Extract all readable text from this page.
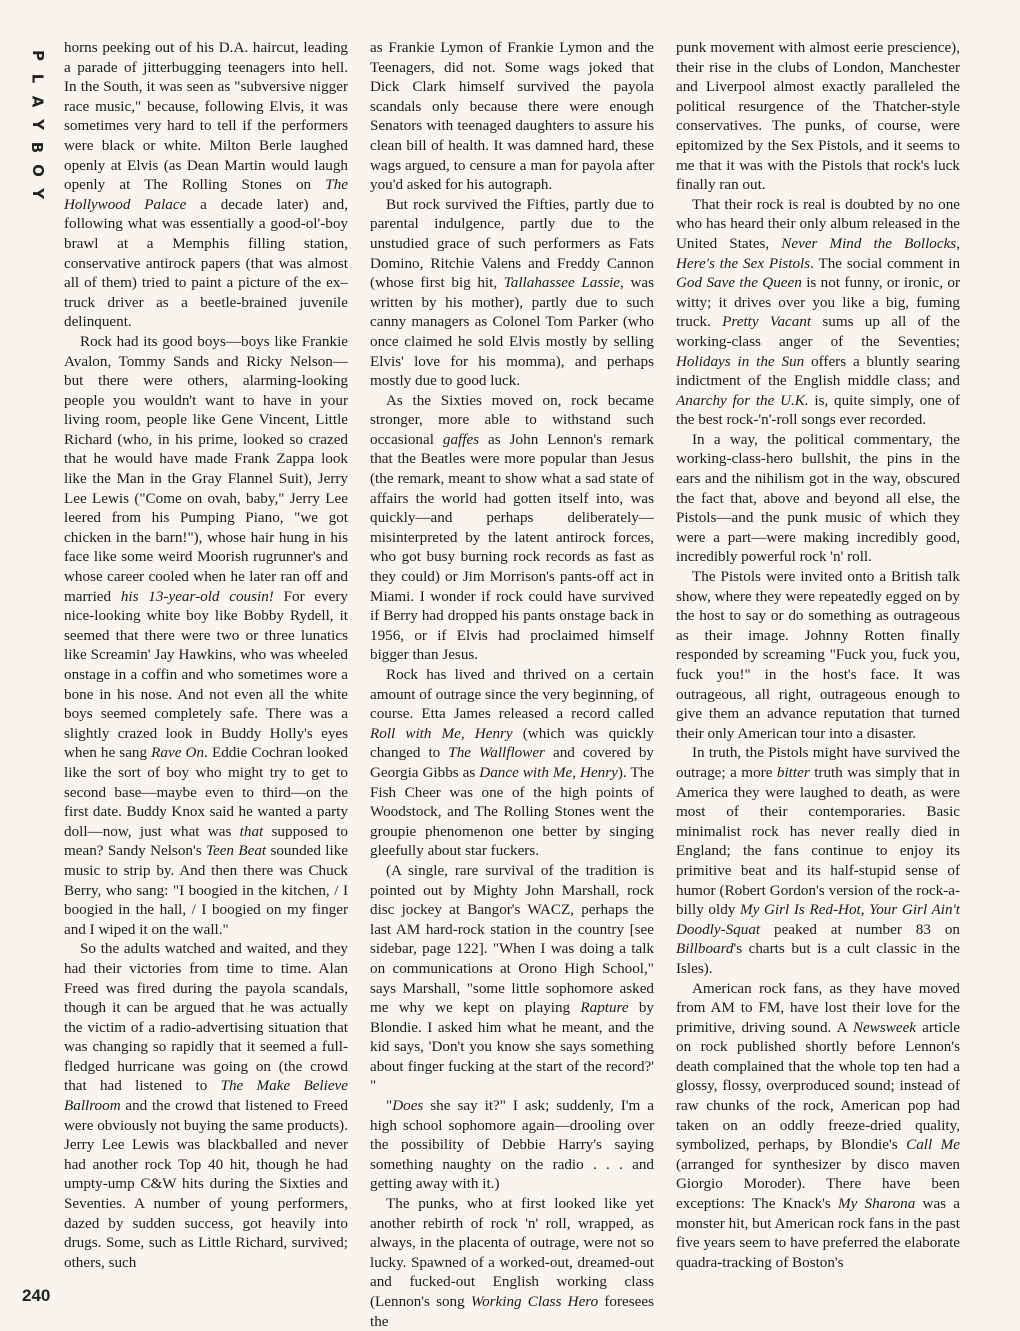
P
L
A
Y
B
O
Y

horns peeking out of his D.A. haircut, leading a parade of jitterbugging teenagers into hell. In the South, it was seen as "subversive nigger race music," because, following Elvis, it was sometimes very hard to tell if the performers were black or white. Milton Berle laughed openly at Elvis (as Dean Martin would laugh openly at The Rolling Stones on The Hollywood Palace a decade later) and, following what was essentially a good-ol'-boy brawl at a Memphis filling station, conservative antirock papers (that was almost all of them) tried to paint a picture of the ex–truck driver as a beetle-brained juvenile delinquent.

Rock had its good boys—boys like Frankie Avalon, Tommy Sands and Ricky Nelson—but there were others, alarming-looking people you wouldn't want to have in your living room, people like Gene Vincent, Little Richard (who, in his prime, looked so crazed that he would have made Frank Zappa look like the Man in the Gray Flannel Suit), Jerry Lee Lewis ("Come on ovah, baby," Jerry Lee leered from his Pumping Piano, "we got chicken in the barn!"), whose hair hung in his face like some weird Moorish rugrunner's and whose career cooled when he later ran off and married his 13-year-old cousin! For every nice-looking white boy like Bobby Rydell, it seemed that there were two or three lunatics like Screamin' Jay Hawkins, who was wheeled onstage in a coffin and who sometimes wore a bone in his nose. And not even all the white boys seemed completely safe. There was a slightly crazed look in Buddy Holly's eyes when he sang Rave On. Eddie Cochran looked like the sort of boy who might try to get to second base—maybe even to third—on the first date. Buddy Knox said he wanted a party doll—now, just what was that supposed to mean? Sandy Nelson's Teen Beat sounded like music to strip by. And then there was Chuck Berry, who sang: "I boogied in the kitchen, / I boogied in the hall, / I boogied on my finger and I wiped it on the wall."

So the adults watched and waited, and they had their victories from time to time. Alan Freed was fired during the payola scandals, though it can be argued that he was actually the victim of a radio-advertising situation that was changing so rapidly that it seemed a full-fledged hurricane was going on (the crowd that had listened to The Make Believe Ballroom and the crowd that listened to Freed were obviously not buying the same products). Jerry Lee Lewis was blackballed and never had another rock Top 40 hit, though he had umpty-ump C&W hits during the Sixties and Seventies. A number of young performers, dazed by sudden success, got heavily into drugs. Some, such as Little Richard, survived; others, such

as Frankie Lymon of Frankie Lymon and the Teenagers, did not. Some wags joked that Dick Clark himself survived the payola scandals only because there were enough Senators with teenaged daughters to assure his clean bill of health. It was damned hard, these wags argued, to censure a man for payola after you'd asked for his autograph.

But rock survived the Fifties, partly due to parental indulgence, partly due to the unstudied grace of such performers as Fats Domino, Ritchie Valens and Freddy Cannon (whose first big hit, Tallahassee Lassie, was written by his mother), partly due to such canny managers as Colonel Tom Parker (who once claimed he sold Elvis mostly by selling Elvis' love for his momma), and perhaps mostly due to good luck.

As the Sixties moved on, rock became stronger, more able to withstand such occasional gaffes as John Lennon's remark that the Beatles were more popular than Jesus (the remark, meant to show what a sad state of affairs the world had gotten itself into, was quickly—and perhaps deliberately—misinterpreted by the latent antirock forces, who got busy burning rock records as fast as they could) or Jim Morrison's pants-off act in Miami. I wonder if rock could have survived if Berry had dropped his pants onstage back in 1956, or if Elvis had proclaimed himself bigger than Jesus.

Rock has lived and thrived on a certain amount of outrage since the very beginning, of course. Etta James released a record called Roll with Me, Henry (which was quickly changed to The Wallflower and covered by Georgia Gibbs as Dance with Me, Henry). The Fish Cheer was one of the high points of Woodstock, and The Rolling Stones went the groupie phenomenon one better by singing gleefully about star fuckers.

(A single, rare survival of the tradition is pointed out by Mighty John Marshall, rock disc jockey at Bangor's WACZ, perhaps the last AM hard-rock station in the country [see sidebar, page 122]. "When I was doing a talk on communications at Orono High School," says Marshall, "some little sophomore asked me why we kept on playing Rapture by Blondie. I asked him what he meant, and the kid says, 'Don't you know she says something about finger fucking at the start of the record?' "

"Does she say it?" I ask; suddenly, I'm a high school sophomore again—drooling over the possibility of Debbie Harry's saying something naughty on the radio . . . and getting away with it.)

The punks, who at first looked like yet another rebirth of rock 'n' roll, wrapped, as always, in the placenta of outrage, were not so lucky. Spawned of a worked-out, dreamed-out and fucked-out English working class (Lennon's song Working Class Hero foresees the

punk movement with almost eerie prescience), their rise in the clubs of London, Manchester and Liverpool almost exactly paralleled the political resurgence of the Thatcher-style conservatives. The punks, of course, were epitomized by the Sex Pistols, and it seems to me that it was with the Pistols that rock's luck finally ran out.

That their rock is real is doubted by no one who has heard their only album released in the United States, Never Mind the Bollocks, Here's the Sex Pistols. The social comment in God Save the Queen is not funny, or ironic, or witty; it drives over you like a big, fuming truck. Pretty Vacant sums up all of the working-class anger of the Seventies; Holidays in the Sun offers a bluntly searing indictment of the English middle class; and Anarchy for the U.K. is, quite simply, one of the best rock-'n'-roll songs ever recorded.

In a way, the political commentary, the working-class-hero bullshit, the pins in the ears and the nihilism got in the way, obscured the fact that, above and beyond all else, the Pistols—and the punk music of which they were a part—were making incredibly good, incredibly powerful rock 'n' roll.

The Pistols were invited onto a British talk show, where they were repeatedly egged on by the host to say or do something as outrageous as their image. Johnny Rotten finally responded by screaming "Fuck you, fuck you, fuck you!" in the host's face. It was outrageous, all right, outrageous enough to give them an advance reputation that turned their only American tour into a disaster.

In truth, the Pistols might have survived the outrage; a more bitter truth was simply that in America they were laughed to death, as were most of their contemporaries. Basic minimalist rock has never really died in England; the fans continue to enjoy its primitive beat and its half-stupid sense of humor (Robert Gordon's version of the rock-a-billy oldy My Girl Is Red-Hot, Your Girl Ain't Doodly-Squat peaked at number 83 on Billboard's charts but is a cult classic in the Isles).

American rock fans, as they have moved from AM to FM, have lost their love for the primitive, driving sound. A Newsweek article on rock published shortly before Lennon's death complained that the whole top ten had a glossy, flossy, overproduced sound; instead of raw chunks of the rock, American pop had taken on an oddly freeze-dried quality, symbolized, perhaps, by Blondie's Call Me (arranged for synthesizer by disco maven Giorgio Moroder). There have been exceptions: The Knack's My Sharona was a monster hit, but American rock fans in the past five years seem to have preferred the elaborate quadra-tracking of Boston's

240
